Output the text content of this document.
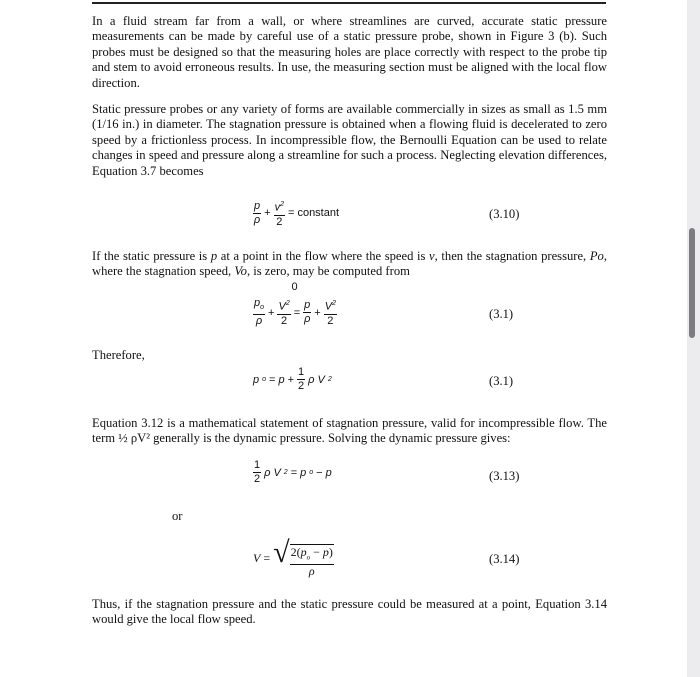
In a fluid stream far from a wall, or where streamlines are curved, accurate static pressure measurements can be made by careful use of a static pressure probe, shown in Figure 3 (b). Such probes must be designed so that the measuring holes are place correctly with respect to the probe tip and stem to avoid erroneous results. In use, the measuring section must be aligned with the local flow direction.
Static pressure probes or any variety of forms are available commercially in sizes as small as 1.5 mm (1/16 in.) in diameter. The stagnation pressure is obtained when a flowing fluid is decelerated to zero speed by a frictionless process. In incompressible flow, the Bernoulli Equation can be used to relate changes in speed and pressure along a streamline for such a process. Neglecting elevation differences, Equation 3.7 becomes
$\frac{p}{\rho} + \frac{v^2}{2}$ = constant	(3.10)
If the static pressure is p at a point in the flow where the speed is v, then the stagnation pressure, Po, where the stagnation speed, Vo, is zero, may be computed from
$\frac{p_o}{\rho}$ +
0
$V^2$
2
= $\frac{p}{\rho} + \frac{V^2}{2}$	(3.1)
Therefore,
p $o = p + \frac{1}{2}$ ρ V 2	(3.1)
Equation 3.12 is a mathematical statement of stagnation pressure, valid for incompressible flow. The term ½ ρV² generally is the dynamic pressure. Solving the dynamic pressure gives:
$\frac{1}{2}$ ρ V 2 = p o − p	(3.13)
or
V = √ $\frac{2(p_o - p)}{\rho}$	(3.14)
Thus, if the stagnation pressure and the static pressure could be measured at a point, Equation 3.14 would give the local flow speed.
